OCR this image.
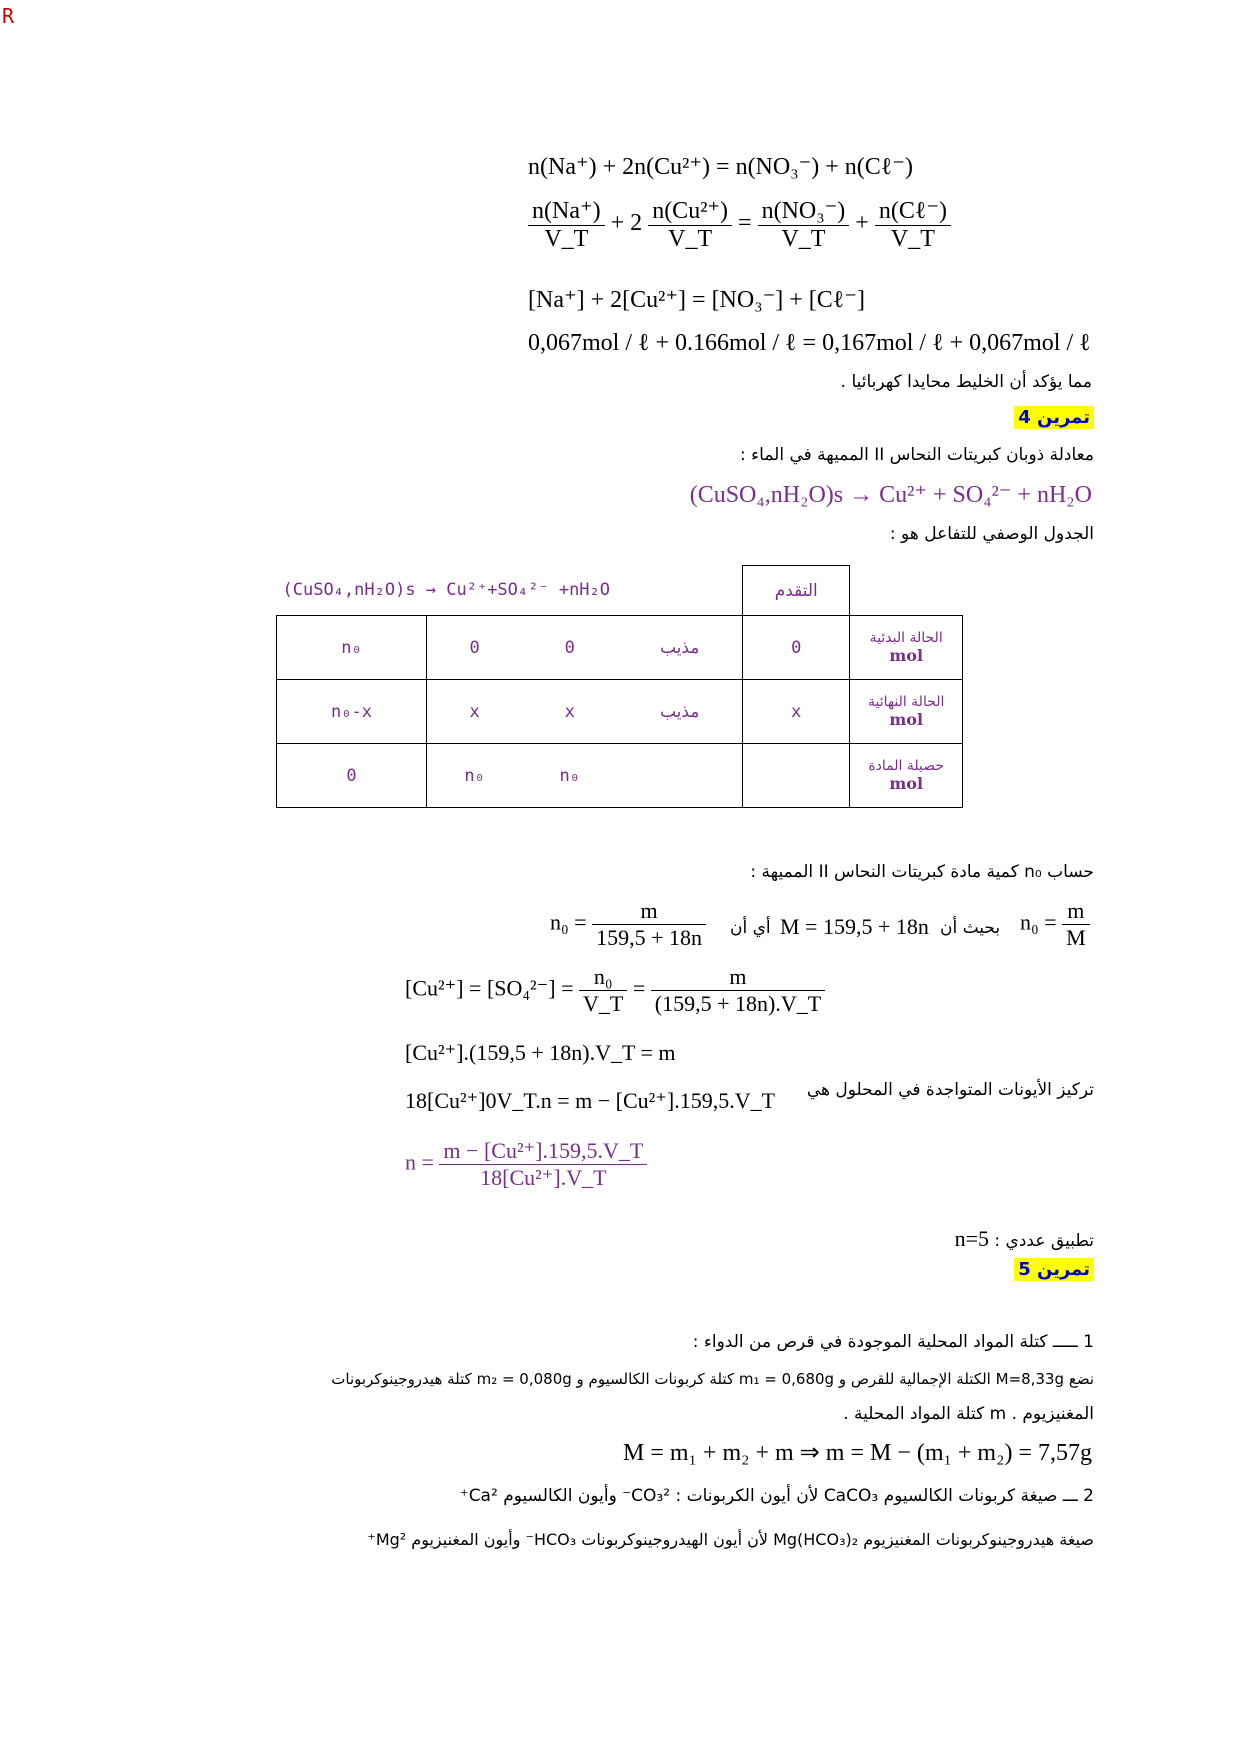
R
n(Na⁺) + 2n(Cu²⁺) = n(NO₃⁻) + n(Cℓ⁻)
$\frac{n(Na^+)}{V\_T} + 2 \frac{\text{n(Cu²⁺)}}{V\_T} = \frac{\text{n(NO₃⁻)}}{V\_T} + \frac{\text{n(Cℓ⁻)}}{V\_T}$
[Na⁺] + 2[Cu²⁺] = [NO₃⁻] + [Cℓ⁻]
0,067mol / ℓ + 0.166mol / ℓ = 0,167mol / ℓ + 0,067mol / ℓ
مما يؤكد أن الخليط محايدا كهربائيا .
تمرين 4
معادلة ذوبان كبريتات النحاس II المميهة في الماء :
(CuSO₄,nH₂O)s → Cu²⁺ + SO₄²⁻ + nH₂O
الجدول الوصفي للتفاعل هو :
(CuSO₄,nH₂O)s → Cu²⁺+SO₄²⁻ +nH₂O				التقدم	
n₀	0	0	مذيب	0	الحالة البدئية
mol

n₀-x	x	x	مذيب	x	الحالة النهائية
mol

0	n₀	n₀			حصيلة المادة
mol
حساب n₀ كمية مادة كبريتات النحاس II المميهة :
$n_0 = \frac{m}{M}$
بحيث أن
M = 159,5 + 18n
أي أن
$n_0 = \frac{m}{159,5 + 18n}$
$[Cu^{2+}] = [SO_4^{2-}] = \frac{\text{n₀}}{V\_T} = \frac{m}{(159,5 + 18n).V\_T}$
[Cu²⁺].(159,5 + 18n).V_T = m
تركيز الأيونات المتواجدة في المحلول هي
18[Cu²⁺]0V_T.n = m − [Cu²⁺].159,5.V_T
$n = \frac{\text{m − [Cu²⁺].159,5.V\_T}}{\text{18[Cu²⁺].V\_T}}$
تطبيق عددي : n=5
تمرين 5
1 ـــــ كتلة المواد المحلية الموجودة في قرص من الدواء :
نضع M=8,33g الكتلة الإجمالية للقرص و m₁ = 0,680g كتلة كربونات الكالسيوم و m₂ = 0,080g كتلة هيدروجينوكربونات
المغنيزيوم . m كتلة المواد المحلية .
M = m₁ + m₂ + m ⇒ m = M − (m₁ + m₂) = 7,57g
2 ـــ صيغة كربونات الكالسيوم CaCO₃ لأن أيون الكربونات : CO₃²⁻ وأيون الكالسيوم Ca²⁺
صيغة هيدروجينوكربونات المغنيزيوم Mg(HCO₃)₂ لأن أيون الهيدروجينوكربونات HCO₃⁻ وأيون المغنيزيوم Mg²⁺
